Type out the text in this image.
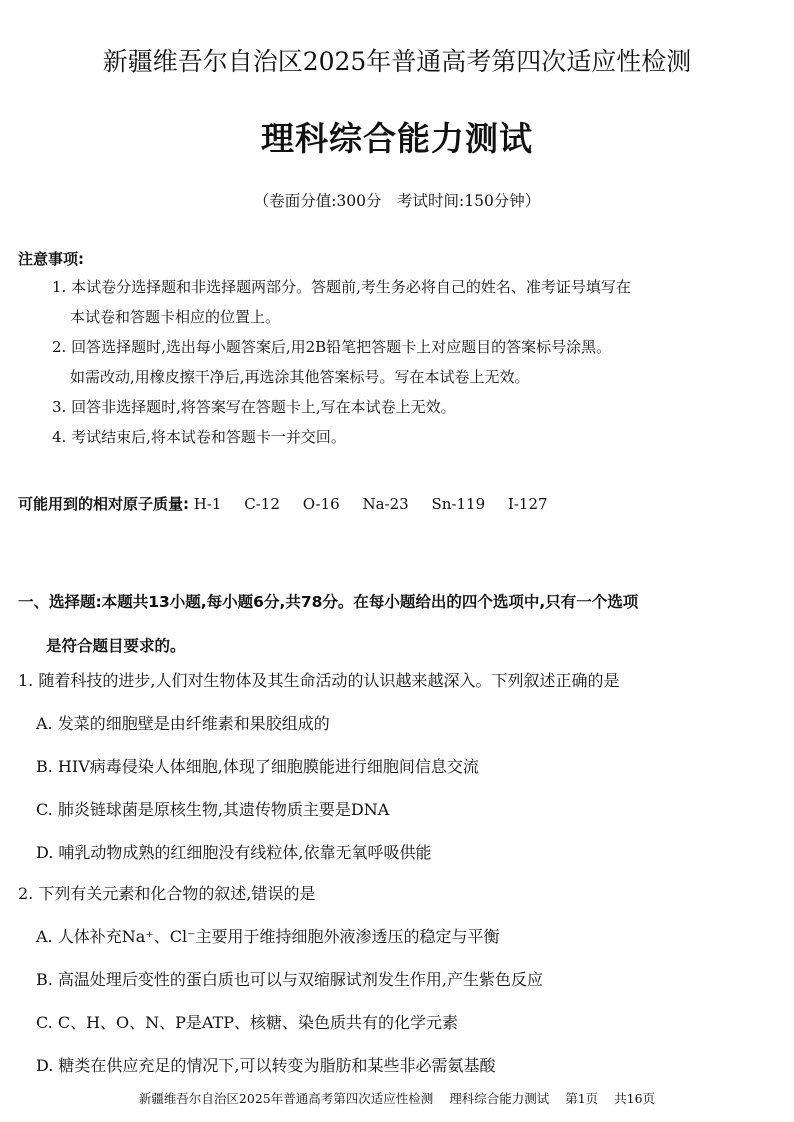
新疆维吾尔自治区2025年普通高考第四次适应性检测
理科综合能力测试
（卷面分值:300分　考试时间:150分钟）
注意事项:
1. 本试卷分选择题和非选择题两部分。答题前,考生务必将自己的姓名、准考证号填写在
本试卷和答题卡相应的位置上。
2. 回答选择题时,选出每小题答案后,用2B铅笔把答题卡上对应题目的答案标号涂黑。
如需改动,用橡皮擦干净后,再选涂其他答案标号。写在本试卷上无效。
3. 回答非选择题时,将答案写在答题卡上,写在本试卷上无效。
4. 考试结束后,将本试卷和答题卡一并交回。
可能用到的相对原子质量: H-1 C-12 O-16 Na-23 Sn-119 I-127
一、选择题:本题共13小题,每小题6分,共78分。在每小题给出的四个选项中,只有一个选项
是符合题目要求的。
1. 随着科技的进步,人们对生物体及其生命活动的认识越来越深入。下列叙述正确的是
A. 发菜的细胞壁是由纤维素和果胶组成的
B. HIV病毒侵染人体细胞,体现了细胞膜能进行细胞间信息交流
C. 肺炎链球菌是原核生物,其遗传物质主要是DNA
D. 哺乳动物成熟的红细胞没有线粒体,依靠无氧呼吸供能
2. 下列有关元素和化合物的叙述,错误的是
A. 人体补充Na⁺、Cl⁻主要用于维持细胞外液渗透压的稳定与平衡
B. 高温处理后变性的蛋白质也可以与双缩脲试剂发生作用,产生紫色反应
C. C、H、O、N、P是ATP、核糖、染色质共有的化学元素
D. 糖类在供应充足的情况下,可以转变为脂肪和某些非必需氨基酸
新疆维吾尔自治区2025年普通高考第四次适应性检测 理科综合能力测试 第1页 共16页
